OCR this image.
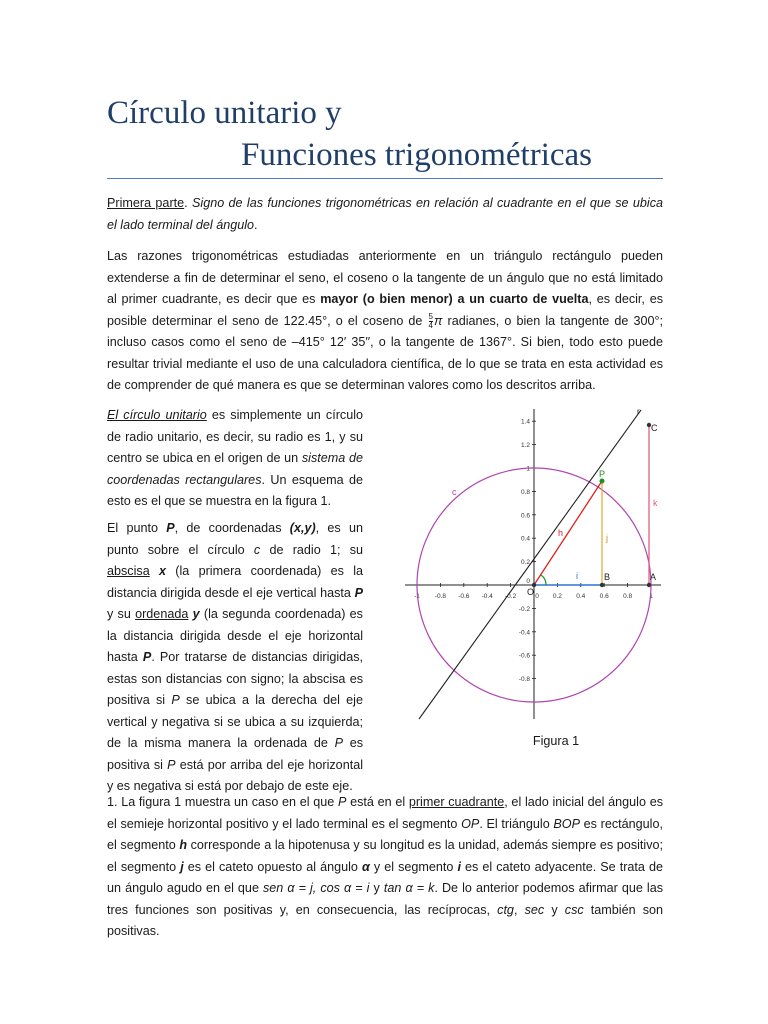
Círculo unitario y
Funciones trigonométricas

Primera parte. Signo de las funciones trigonométricas en relación al cuadrante en el que se ubica el lado terminal del ángulo.

Las razones trigonométricas estudiadas anteriormente en un triángulo rectángulo pueden extenderse a fin de determinar el seno, el coseno o la tangente de un ángulo que no está limitado al primer cuadrante, es decir que es mayor (o bien menor) a un cuarto de vuelta, es decir, es posible determinar el seno de 122.45°, o el coseno de $\frac{5}{4}$ π radianes, o bien la tangente de 300°; incluso casos como el seno de –415° 12′ 35′′, o la tangente de 1367°. Si bien, todo esto puede resultar trivial mediante el uso de una calculadora científica, de lo que se trata en esta actividad es de comprender de qué manera es que se determinan valores como los descritos arriba.

El círculo unitario es simplemente un círculo de radio unitario, es decir, su radio es 1, y su centro se ubica en el origen de un sistema de coordenadas rectangulares. Un esquema de esto es el que se muestra en la figura 1.

El punto P, de coordenadas (x,y), es un punto sobre el círculo c de radio 1; su abscisa x (la primera coordenada) es la distancia dirigida desde el eje vertical hasta P y su ordenada y (la segunda coordenada) es la distancia dirigida desde el eje horizontal hasta P. Por tratarse de distancias dirigidas, estas son distancias con signo; la abscisa es positiva si P se ubica a la derecha del eje vertical y negativa si se ubica a su izquierda; de la misma manera la ordenada de P es positiva si P está por arriba del eje horizontal y es negativa si está por debajo de este eje.

-1 -0.8 -0.6 -0.4 -0.2	0 0.2 0.4 0.6 0.8	1
1.4
1.2
1
0.8
0.6
0.4
0.2
0
-0.2
-0.4
-0.6
-0.8
O
P
B	A
C
c
h
i
j
k
r
Figura 1

1. La figura 1 muestra un caso en el que P está en el primer cuadrante, el lado inicial del ángulo es el semieje horizontal positivo y el lado terminal es el segmento OP. El triángulo BOP es rectángulo, el segmento h corresponde a la hipotenusa y su longitud es la unidad, además siempre es positivo; el segmento j es el cateto opuesto al ángulo α y el segmento i es el cateto adyacente. Se trata de un ángulo agudo en el que sen α = j, cos α = i y tan α = k. De lo anterior podemos afirmar que las tres funciones son positivas y, en consecuencia, las recíprocas, ctg, sec y csc también son positivas.
